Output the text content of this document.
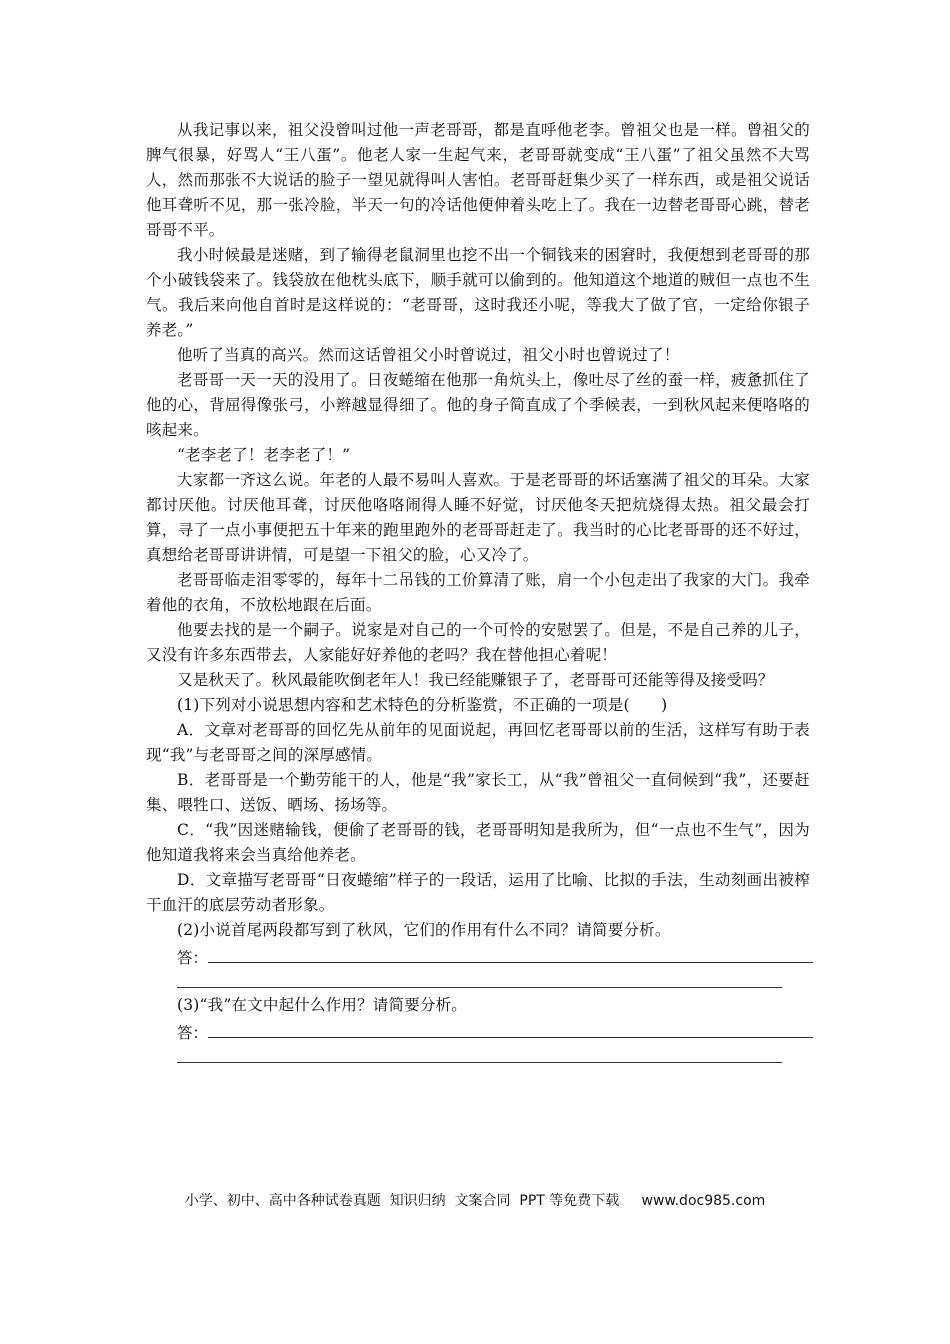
从我记事以来，祖父没曾叫过他一声老哥哥，都是直呼他老李。曾祖父也是一样。曾祖父的脾气很暴，好骂人“王八蛋”。他老人家一生起气来，老哥哥就变成“王八蛋”了祖父虽然不大骂人，然而那张不大说话的脸子一望见就得叫人害怕。老哥哥赶集少买了一样东西，或是祖父说话他耳聋听不见，那一张冷脸，半天一句的冷话他便伸着头吃上了。我在一边替老哥哥心跳，替老哥哥不平。

我小时候最是迷赌，到了输得老鼠洞里也挖不出一个铜钱来的困窘时，我便想到老哥哥的那个小破钱袋来了。钱袋放在他枕头底下，顺手就可以偷到的。他知道这个地道的贼但一点也不生气。我后来向他自首时是这样说的：“老哥哥，这时我还小呢，等我大了做了官，一定给你银子养老。”

他听了当真的高兴。然而这话曾祖父小时曾说过，祖父小时也曾说过了！

老哥哥一天一天的没用了。日夜蜷缩在他那一角炕头上，像吐尽了丝的蚕一样，疲惫抓住了他的心，背屈得像张弓，小辫越显得细了。他的身子简直成了个季候表，一到秋风起来便咯咯的咳起来。

“老李老了！老李老了！”

大家都一齐这么说。年老的人最不易叫人喜欢。于是老哥哥的坏话塞满了祖父的耳朵。大家都讨厌他。讨厌他耳聋，讨厌他咯咯闹得人睡不好觉，讨厌他冬天把炕烧得太热。祖父最会打算，寻了一点小事便把五十年来的跑里跑外的老哥哥赶走了。我当时的心比老哥哥的还不好过，真想给老哥哥讲讲情，可是望一下祖父的脸，心又冷了。

老哥哥临走泪零零的，每年十二吊钱的工价算清了账，肩一个小包走出了我家的大门。我牵着他的衣角，不放松地跟在后面。

他要去找的是一个嗣子。说家是对自己的一个可怜的安慰罢了。但是，不是自己养的儿子，又没有许多东西带去，人家能好好养他的老吗？我在替他担心着呢！

又是秋天了。秋风最能吹倒老年人！我已经能赚银子了，老哥哥可还能等得及接受吗？

(1)下列对小说思想内容和艺术特色的分析鉴赏，不正确的一项是(　　)

A．文章对老哥哥的回忆先从前年的见面说起，再回忆老哥哥以前的生活，这样写有助于表现“我”与老哥哥之间的深厚感情。

B．老哥哥是一个勤劳能干的人，他是“我”家长工，从“我”曾祖父一直伺候到“我”，还要赶集、喂牲口、送饭、晒场、扬场等。

C．“我”因迷赌输钱，便偷了老哥哥的钱，老哥哥明知是我所为，但“一点也不生气”，因为他知道我将来会当真给他养老。

D．文章描写老哥哥“日夜蜷缩”样子的一段话，运用了比喻、比拟的手法，生动刻画出被榨干血汗的底层劳动者形象。

(2)小说首尾两段都写到了秋风，它们的作用有什么不同？请简要分析。

答：

(3)“我”在文中起什么作用？请简要分析。

答：
小学、初中、高中各种试卷真题  知识归纳  文案合同  PPT 等免费下载     www.doc985.com
